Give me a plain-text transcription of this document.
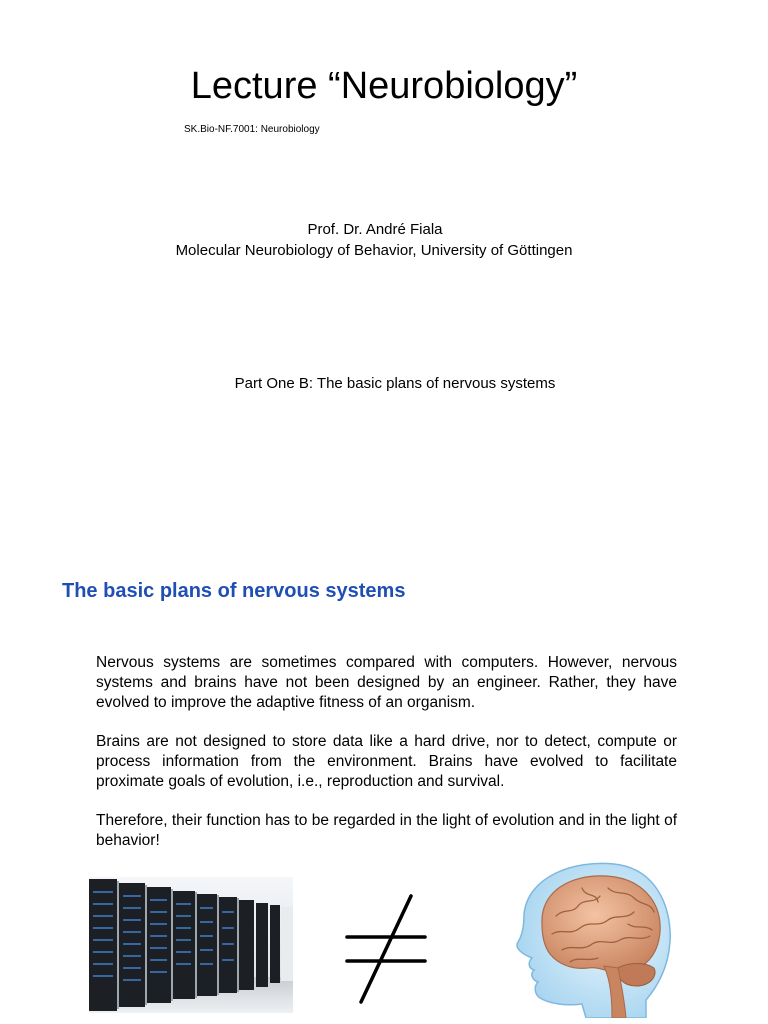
Lecture “Neurobiology”
SK.Bio-NF.7001: Neurobiology
Prof. Dr. André Fiala
Molecular Neurobiology of Behavior, University of Göttingen
Part One B: The basic plans of nervous systems
The basic plans of nervous systems
Nervous systems are sometimes compared with computers. However, nervous systems and brains have not been designed by an engineer. Rather, they have evolved to improve the adaptive fitness of an organism.
Brains are not designed to store data like a hard drive, nor to detect, compute or process information from the environment. Brains have evolved to facilitate proximate goals of evolution, i.e., reproduction and survival.
Therefore, their function has to be regarded in the light of evolution and in the light of behavior!
